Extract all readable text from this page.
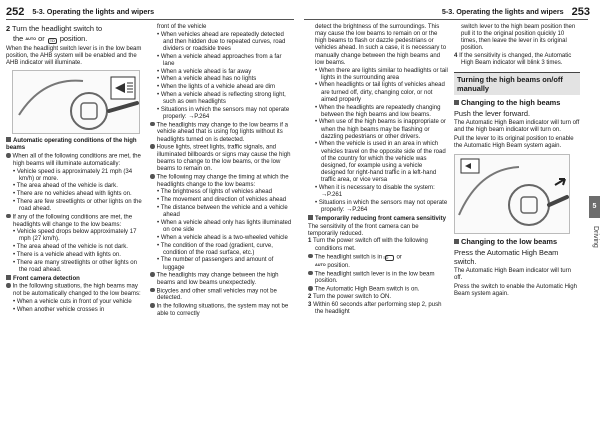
252 5-3. Operating the lights and wipers

2 Turn the headlight switch to

the AUTO or ≡D position.

When the headlight switch lever is in the low beam position, the AHB system will be enabled and the AHB indicator will illuminate.

Automatic operating conditions of the high beams

When all of the following conditions are met, the high beams will illuminate automatically:

• Vehicle speed is approximately 21 mph (34 km/h) or more.

• The area ahead of the vehicle is dark.

• There are no vehicles ahead with lights on.

• There are few streetlights or other lights on the road ahead.

If any of the following conditions are met, the headlights will change to the low beams:

• Vehicle speed drops below approximately 17 mph (27 km/h).

• The area ahead of the vehicle is not dark.

• There is a vehicle ahead with lights on.

• There are many streetlights or other lights on the road ahead.

Front camera detection

In the following situations, the high beams may not be automatically changed to the low beams:

• When a vehicle cuts in front of your vehicle

• When another vehicle crosses in

front of the vehicle

• When vehicles ahead are repeatedly detected and then hidden due to repeated curves, road dividers or roadside trees

• When a vehicle ahead approaches from a far lane

• When a vehicle ahead is far away

• When a vehicle ahead has no lights

• When the lights of a vehicle ahead are dim

• When a vehicle ahead is reflecting strong light, such as own headlights

• Situations in which the sensors may not operate properly: →P.264

The headlights may change to the low beams if a vehicle ahead that is using fog lights without its headlights turned on is detected.

House lights, street lights, traffic signals, and illuminated billboards or signs may cause the high beams to change to the low beams, or the low beams to remain on.

The following may change the timing at which the headlights change to the low beams:

• The brightness of lights of vehicles ahead

• The movement and direction of vehicles ahead

• The distance between the vehicle and a vehicle ahead

• When a vehicle ahead only has lights illuminated on one side

• When a vehicle ahead is a two-wheeled vehicle

• The condition of the road (gradient, curve, condition of the road surface, etc.)

• The number of passengers and amount of luggage

The headlights may change between the high beams and low beams unexpectedly.

Bicycles and other small vehicles may not be detected.

In the following situations, the system may not be able to correctly

5-3. Operating the lights and wipers 253

detect the brightness of the surroundings. This may cause the low beams to remain on or the high beams to flash or dazzle pedestrians or vehicles ahead. In such a case, it is necessary to manually change between the high beams and low beams.

• When there are lights similar to headlights or tail lights in the surrounding area

• When headlights or tail lights of vehicles ahead are turned off, dirty, changing color, or not aimed properly

• When the headlights are repeatedly changing between the high beams and low beams.

• When use of the high beams is inappropriate or when the high beams may be flashing or dazzling pedestrians or other drivers.

• When the vehicle is used in an area in which vehicles travel on the opposite side of the road of the country for which the vehicle was designed, for example using a vehicle designed for right-hand traffic in a left-hand traffic area, or vice versa

• When it is necessary to disable the system: →P.261

• Situations in which the sensors may not operate properly: →P.264

Temporarily reducing front camera sensitivity

The sensitivity of the front camera can be temporarily reduced.

1 Turn the power switch off with the following conditions met.

The headlight switch is in ≡D or

AUTO position.

The headlight switch lever is in the low beam position.

The Automatic High Beam switch is on.

2 Turn the power switch to ON.

3 Within 60 seconds after performing step 2, push the headlight

switch lever to the high beam position then pull it to the original position quickly 10 times, then leave the lever in its original position.

4 If the sensitivity is changed, the Automatic High Beam indicator will blink 3 times.

Turning the high beams on/off manually

Changing to the high beams

Push the lever forward.

The Automatic High Beam indicator will turn off and the high beam indicator will turn on.

Pull the lever to its original position to enable the Automatic High Beam system again.

Changing to the low beams

Press the Automatic High Beam switch.

The Automatic High Beam indicator will turn off.

Press the switch to enable the Automatic High Beam system again.

5
Driving
